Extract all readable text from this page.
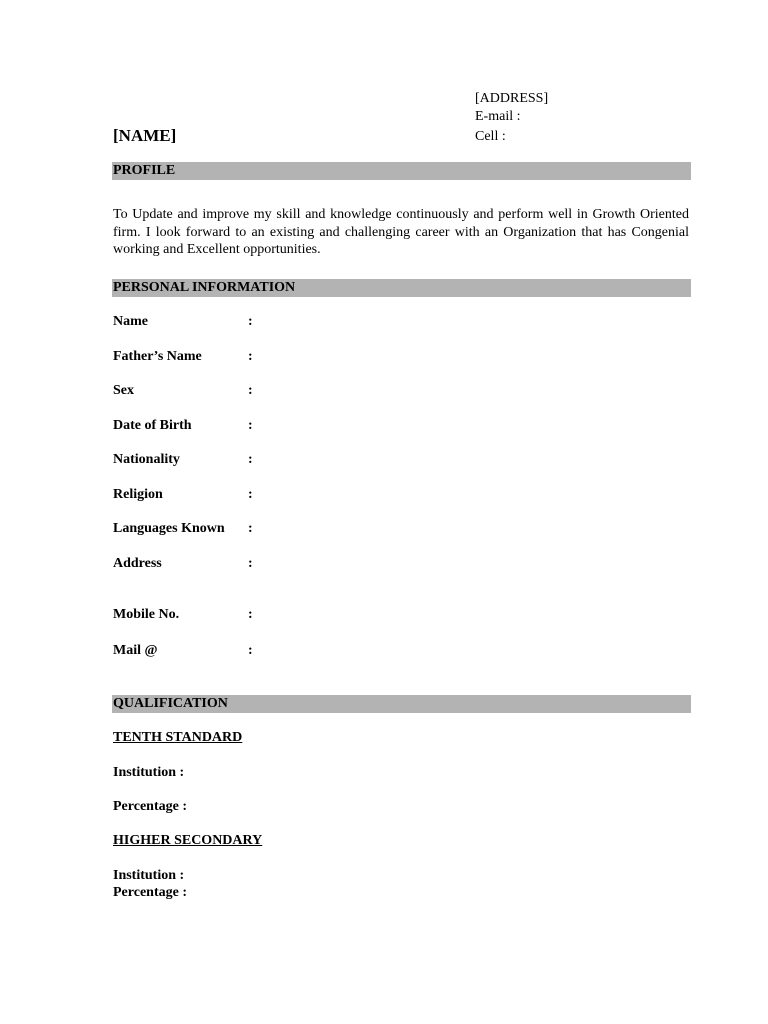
[ADDRESS]
E-mail :
Cell :
[NAME]
PROFILE
To Update and improve my skill and knowledge continuously and perform well in Growth Oriented firm. I look forward to an existing and challenging career with an Organization that has Congenial working and Excellent opportunities.
PERSONAL INFORMATION
Name	:
Father’s Name	:
Sex	:
Date of Birth	:
Nationality	:
Religion	:
Languages Known :
Address	:
Mobile No.	:
Mail @	:
QUALIFICATION
TENTH STANDARD
Institution :
Percentage :
HIGHER SECONDARY
Institution :
Percentage :
